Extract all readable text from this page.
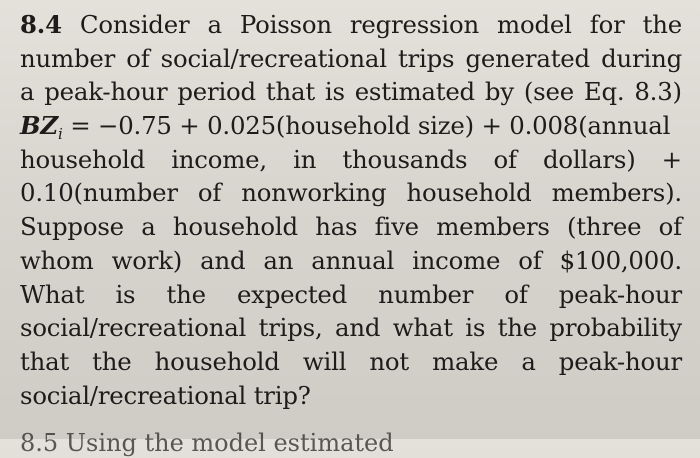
8.4 Consider a Poisson regression model for the
number of social/recreational trips generated during
a peak-hour period that is estimated by (see Eq. 8.3)
$BZ_i = -0.75$ + 0.025(household size) + 0.008(annual
household income, in thousands of dollars) +
0.10(number of nonworking household members).
Suppose a household has five members (three of
whom work) and an annual income of $100,000.
What is the expected number of peak-hour
social/recreational trips, and what is the probability
that the household will not make a peak-hour
social/recreational trip?
8.5 Using the model estimated
